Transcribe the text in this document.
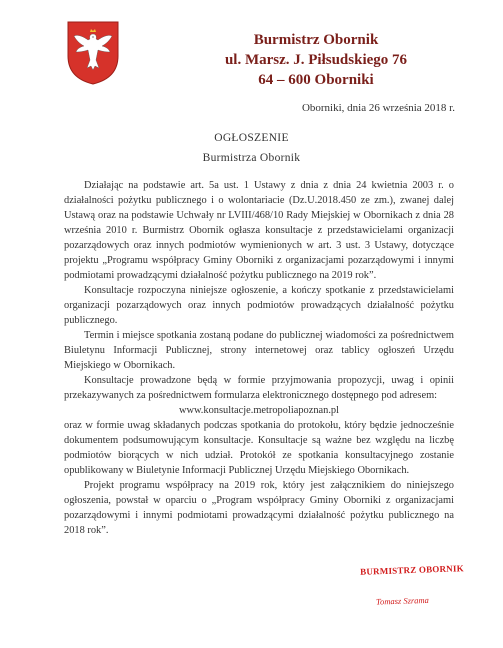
Burmistrz Obornik
ul. Marsz. J. Piłsudskiego 76
64 – 600 Oborniki
Oborniki, dnia 26 września 2018 r.
OGŁOSZENIE
Burmistrza Obornik

Działając na podstawie art. 5a ust. 1 Ustawy z dnia z dnia 24 kwietnia 2003 r. o działalności pożytku publicznego i o wolontariacie (Dz.U.2018.450 ze zm.), zwanej dalej Ustawą oraz na podstawie Uchwały nr LVIII/468/10 Rady Miejskiej w Obornikach z dnia 28 września 2010 r. Burmistrz Obornik ogłasza konsultacje z przedstawicielami organizacji pozarządowych oraz innych podmiotów wymienionych w art. 3 ust. 3 Ustawy, dotyczące projektu „Programu współpracy Gminy Oborniki z organizacjami pozarządowymi i innymi podmiotami prowadzącymi działalność pożytku publicznego na 2019 rok”.

Konsultacje rozpoczyna niniejsze ogłoszenie, a kończy spotkanie z przedstawicielami organizacji pozarządowych oraz innych podmiotów prowadzących działalność pożytku publicznego.

Termin i miejsce spotkania zostaną podane do publicznej wiadomości za pośrednictwem Biuletynu Informacji Publicznej, strony internetowej oraz tablicy ogłoszeń Urzędu Miejskiego w Obornikach.

Konsultacje prowadzone będą w formie przyjmowania propozycji, uwag i opinii przekazywanych za pośrednictwem formularza elektronicznego dostępnego pod adresem:

www.konsultacje.metropoliapoznan.pl

oraz w formie uwag składanych podczas spotkania do protokołu, który będzie jednocześnie dokumentem podsumowującym konsultacje. Konsultacje są ważne bez względu na liczbę podmiotów biorących w nich udział. Protokół ze spotkania konsultacyjnego zostanie opublikowany w Biuletynie Informacji Publicznej Urzędu Miejskiego Obornikach.

Projekt programu współpracy na 2019 rok, który jest załącznikiem do niniejszego ogłoszenia, powstał w oparciu o „Program współpracy Gminy Oborniki z organizacjami pozarządowymi i innymi podmiotami prowadzącymi działalność pożytku publicznego na 2018 rok”.

BURMISTRZ OBORNIK
Tomasz Szrama
